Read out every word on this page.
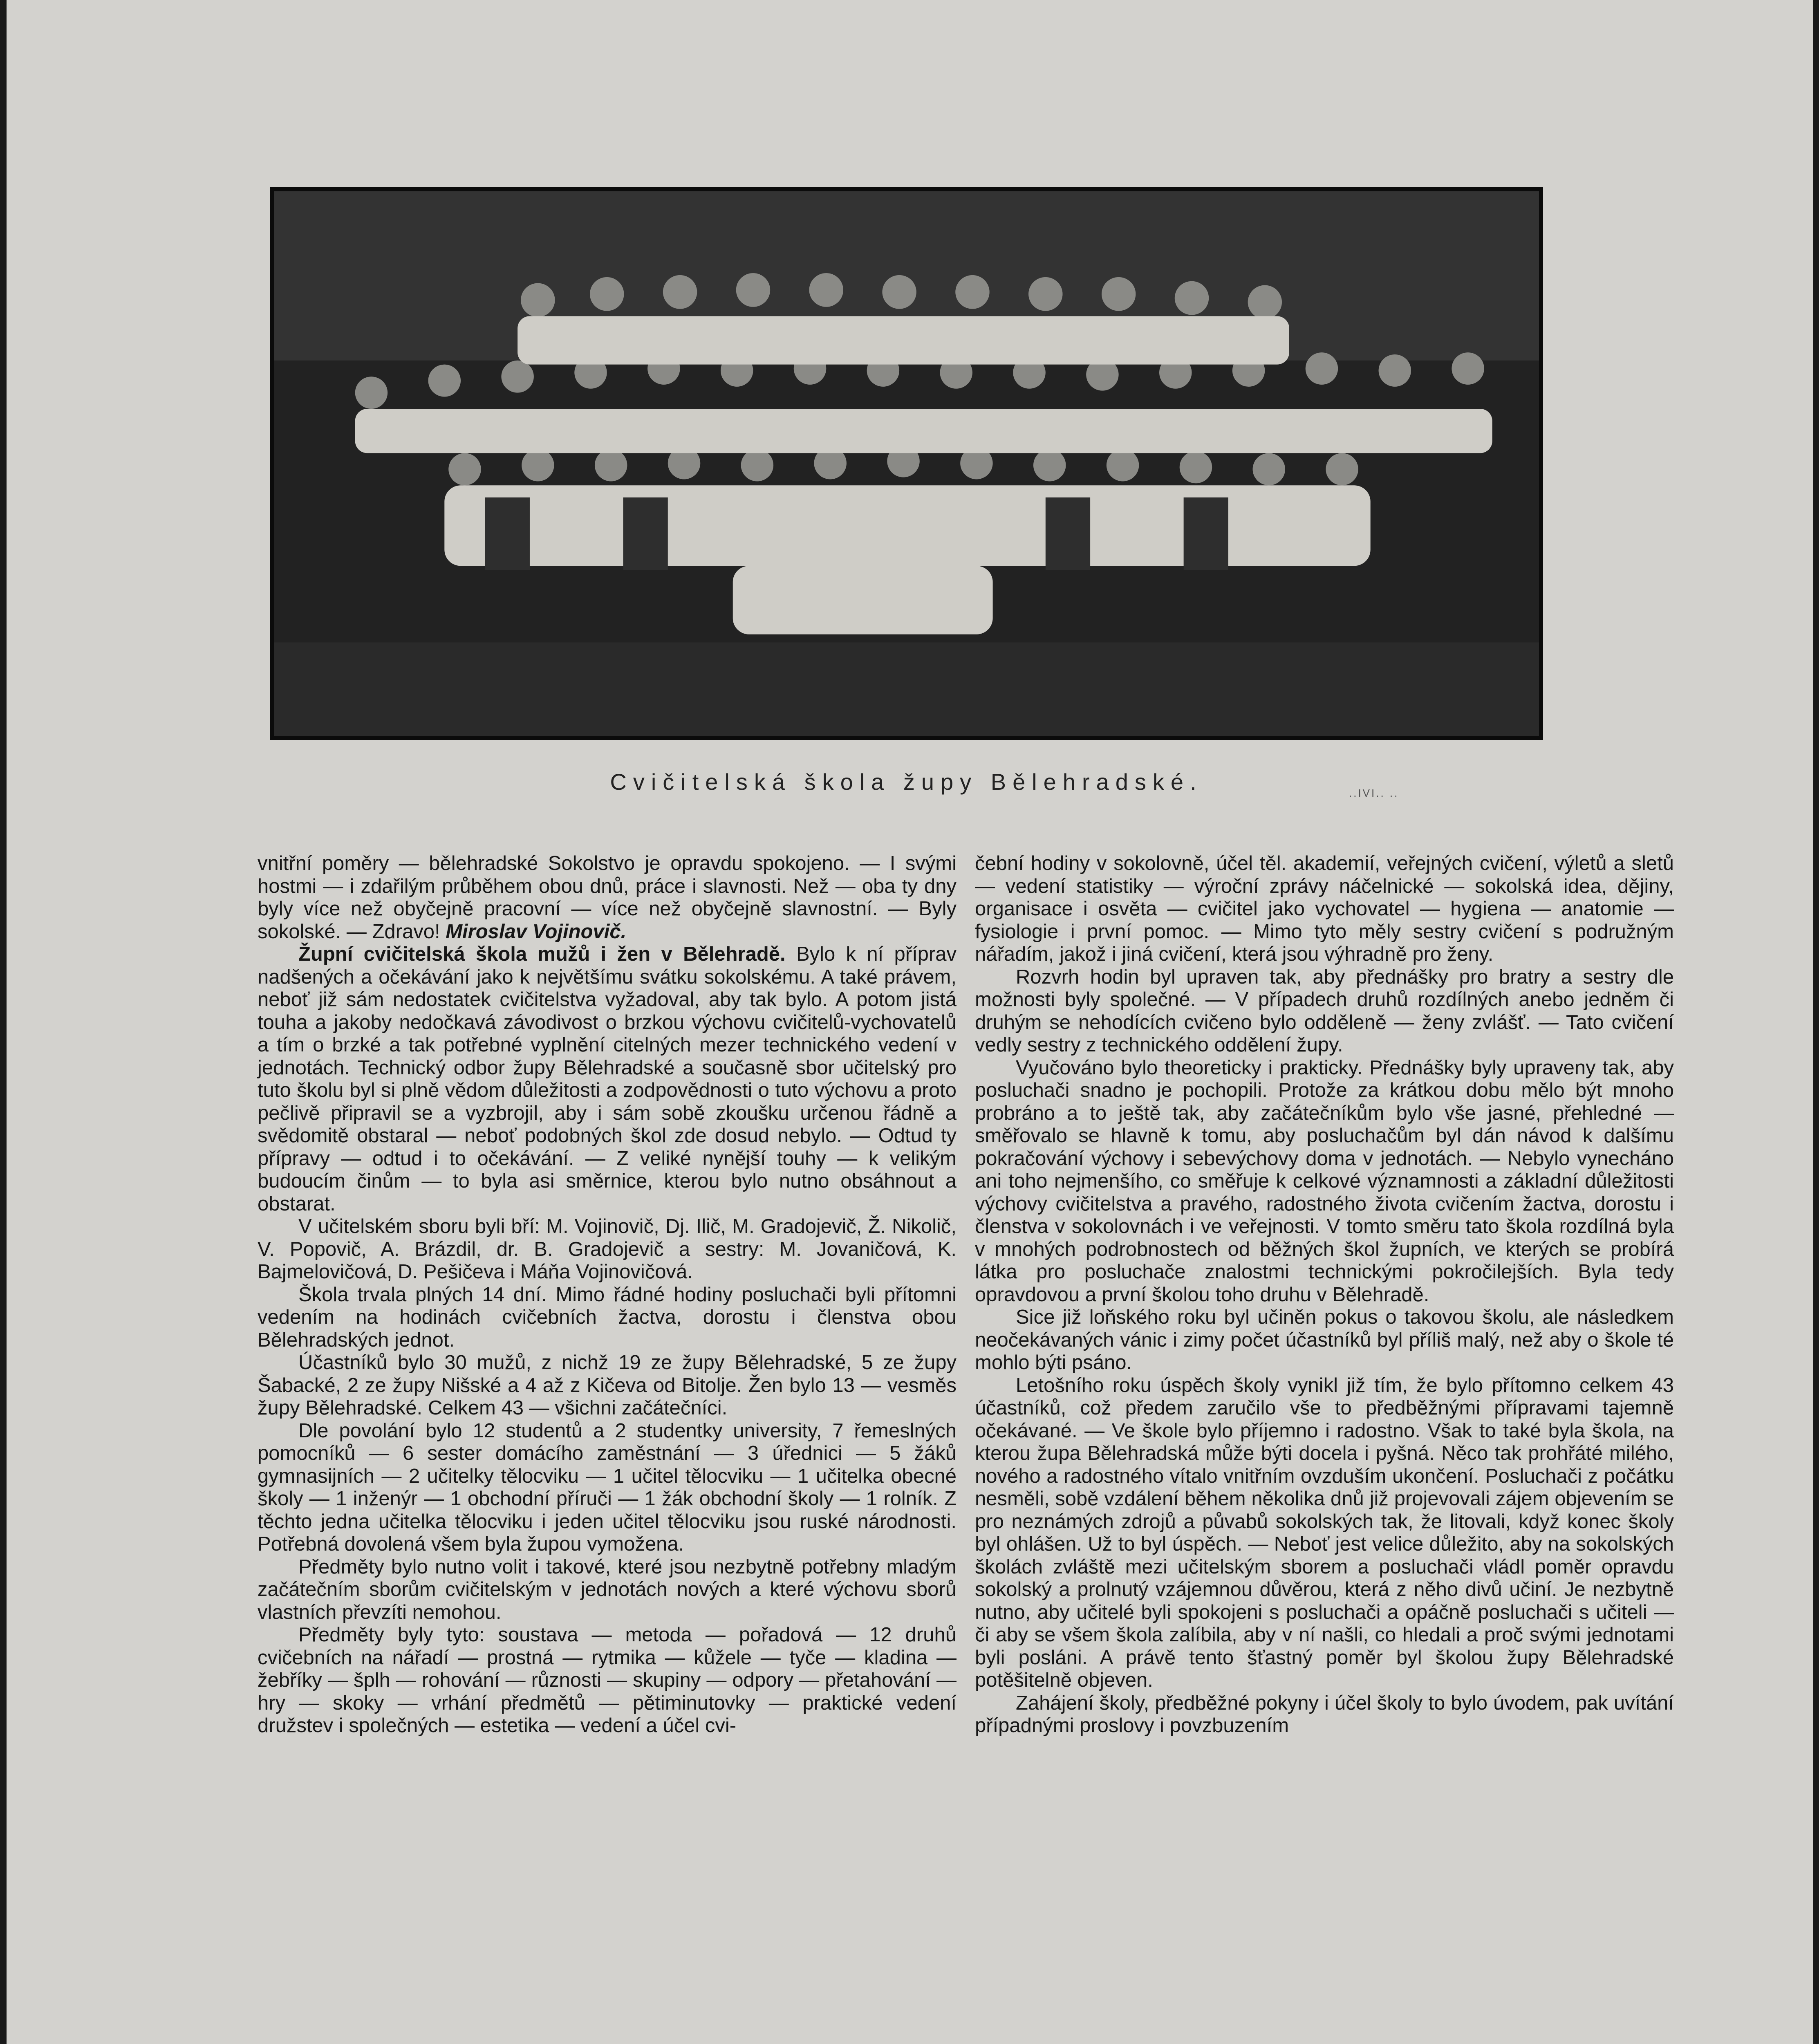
Cvičitelská škola župy Bělehradské.	..IVI.. ..

vnitřní poměry — bělehradské Sokolstvo je opravdu spokojeno. — I svými hostmi — i zdařilým průběhem obou dnů, práce i slavnosti. Než — oba ty dny byly více než obyčejně pracovní — více než obyčejně slavnostní. — Byly sokolské. — Zdravo! Miroslav Vojinovič.

Župní cvičitelská škola mužů i žen v Bělehradě. Bylo k ní příprav nadšených a očekávání jako k největšímu svátku sokolskému. A také právem, neboť již sám nedostatek cvičitelstva vyžadoval, aby tak bylo. A potom jistá touha a jakoby nedočkavá závodivost o brzkou výchovu cvičitelů-vychovatelů a tím o brzké a tak potřebné vyplnění citelných mezer technického vedení v jednotách. Technický odbor župy Bělehradské a současně sbor učitelský pro tuto školu byl si plně vědom důležitosti a zodpovědnosti o tuto výchovu a proto pečlivě připravil se a vyzbrojil, aby i sám sobě zkoušku určenou řádně a svědomitě obstaral — neboť podobných škol zde dosud nebylo. — Odtud ty přípravy — odtud i to očekávání. — Z veliké nynější touhy — k velikým budoucím činům — to byla asi směrnice, kterou bylo nutno obsáhnout a obstarat.

V učitelském sboru byli bří: M. Vojinovič, Dj. Ilič, M. Gradojevič, Ž. Nikolič, V. Popovič, A. Brázdil, dr. B. Gradojevič a sestry: M. Jovaničová, K. Bajmelovičová, D. Pešičeva i Máňa Vojinovičová.

Škola trvala plných 14 dní. Mimo řádné hodiny posluchači byli přítomni vedením na hodinách cvičebních žactva, dorostu i členstva obou Bělehradských jednot.

Účastníků bylo 30 mužů, z nichž 19 ze župy Bělehradské, 5 ze župy Šabacké, 2 ze župy Nišské a 4 až z Kičeva od Bitolje. Žen bylo 13 — vesměs župy Bělehradské. Celkem 43 — všichni začátečníci.

Dle povolání bylo 12 studentů a 2 studentky university, 7 řemeslných pomocníků — 6 sester domácího zaměstnání — 3 úřednici — 5 žáků gymnasijních — 2 učitelky tělocviku — 1 učitel tělocviku — 1 učitelka obecné školy — 1 inženýr — 1 obchodní příruči — 1 žák obchodní školy — 1 rolník. Z těchto jedna učitelka tělocviku i jeden učitel tělocviku jsou ruské národnosti. Potřebná dovolená všem byla župou vymožena.

Předměty bylo nutno volit i takové, které jsou nezbytně potřebny mladým začátečním sborům cvičitelským v jednotách nových a které výchovu sborů vlastních převzíti nemohou.

Předměty byly tyto: soustava — metoda — pořadová — 12 druhů cvičebních na nářadí — prostná — rytmika — kůžele — tyče — kladina — žebříky — šplh — rohování — různosti — skupiny — odpory — přetahování — hry — skoky — vrhání předmětů — pětiminutovky — praktické vedení družstev i společných — estetika — vedení a účel cvi-

čební hodiny v sokolovně, účel těl. akademií, veřejných cvičení, výletů a sletů — vedení statistiky — výroční zprávy náčelnické — sokolská idea, dějiny, organisace i osvěta — cvičitel jako vychovatel — hygiena — anatomie — fysiologie i první pomoc. — Mimo tyto měly sestry cvičení s podružným nářadím, jakož i jiná cvičení, která jsou výhradně pro ženy.

Rozvrh hodin byl upraven tak, aby přednášky pro bratry a sestry dle možnosti byly společné. — V případech druhů rozdílných anebo jedněm či druhým se nehodících cvičeno bylo odděleně — ženy zvlášť. — Tato cvičení vedly sestry z technického oddělení župy.

Vyučováno bylo theoreticky i prakticky. Přednášky byly upraveny tak, aby posluchači snadno je pochopili. Protože za krátkou dobu mělo být mnoho probráno a to ještě tak, aby začátečníkům bylo vše jasné, přehledné — směřovalo se hlavně k tomu, aby posluchačům byl dán návod k dalšímu pokračování výchovy i sebevýchovy doma v jednotách. — Nebylo vynecháno ani toho nejmenšího, co směřuje k celkové významnosti a základní důležitosti výchovy cvičitelstva a pravého, radostného života cvičením žactva, dorostu i členstva v sokolovnách i ve veřejnosti. V tomto směru tato škola rozdílná byla v mnohých podrobnostech od běžných škol župních, ve kterých se probírá látka pro posluchače znalostmi technickými pokročilejších. Byla tedy opravdovou a první školou toho druhu v Bělehradě.

Sice již loňského roku byl učiněn pokus o takovou školu, ale následkem neočekávaných vánic i zimy počet účastníků byl příliš malý, než aby o škole té mohlo býti psáno.

Letošního roku úspěch školy vynikl již tím, že bylo přítomno celkem 43 účastníků, což předem zaručilo vše to předběžnými přípravami tajemně očekávané. — Ve škole bylo příjemno i radostno. Však to také byla škola, na kterou župa Bělehradská může býti docela i pyšná. Něco tak prohřáté milého, nového a radostného vítalo vnitřním ovzduším ukončení. Posluchači z počátku nesměli, sobě vzdálení během několika dnů již projevovali zájem objevením se pro neznámých zdrojů a půvabů sokolských tak, že litovali, když konec školy byl ohlášen. Už to byl úspěch. — Neboť jest velice důležito, aby na sokolských školách zvláště mezi učitelským sborem a posluchači vládl poměr opravdu sokolský a prolnutý vzájemnou důvěrou, která z něho divů učiní. Je nezbytně nutno, aby učitelé byli spokojeni s posluchači a opáčně posluchači s učiteli — či aby se všem škola zalíbila, aby v ní našli, co hledali a proč svými jednotami byli posláni. A právě tento šťastný poměr byl školou župy Bělehradské potěšitelně objeven.

Zahájení školy, předběžné pokyny i účel školy to bylo úvodem, pak uvítání případnými proslovy i povzbuzením
